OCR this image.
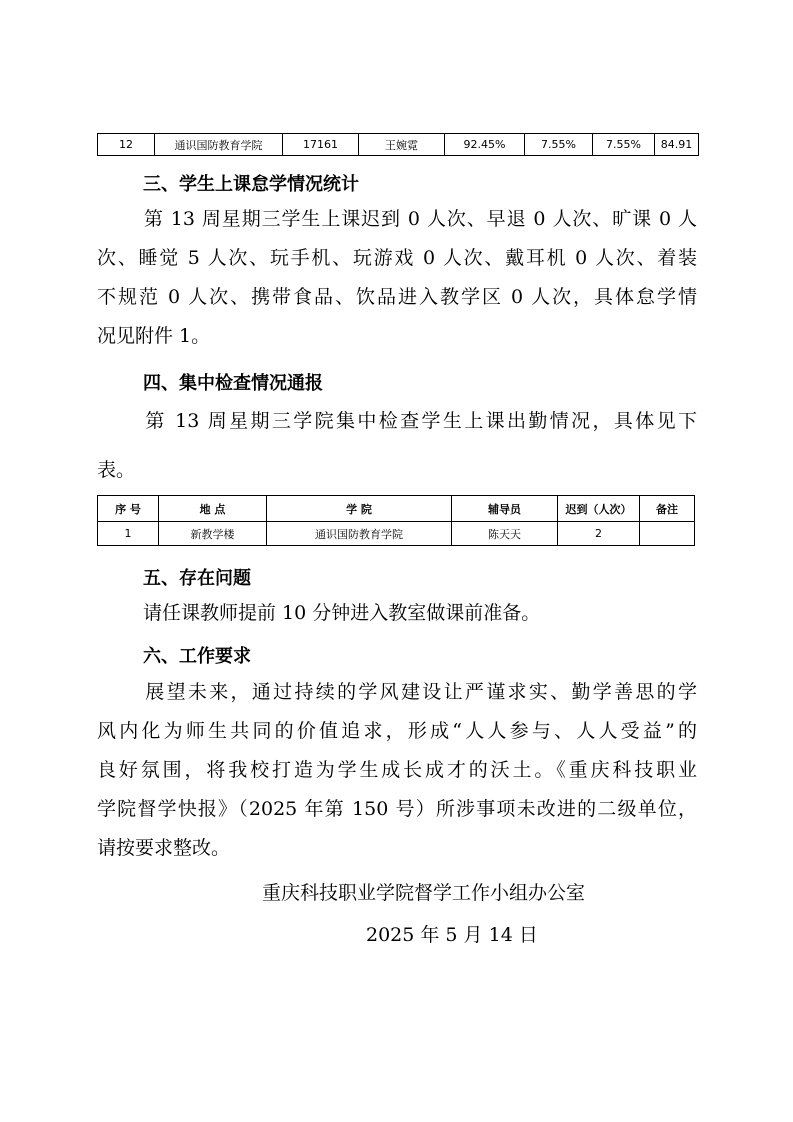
12	通识国防教育学院	17161	王婉霓	92.45%	7.55%	7.55%	84.91
三、学生上课怠学情况统计
第 13 周星期三学生上课迟到 0 人次、早退 0 人次、旷课 0 人
次、睡觉 5 人次、玩手机、玩游戏 0 人次、戴耳机 0 人次、着装
不规范 0 人次、携带食品、饮品进入教学区 0 人次，具体怠学情
况见附件 1。
四、集中检查情况通报
第 13 周星期三学院集中检查学生上课出勤情况，具体见下
表。
序 号	地 点	学 院	辅导员	迟到（人次）	备注
1	新教学楼	通识国防教育学院	陈天天	2	
五、存在问题
请任课教师提前 10 分钟进入教室做课前准备。
六、工作要求
展望未来，通过持续的学风建设让严谨求实、勤学善思的学
风内化为师生共同的价值追求，形成“人人参与、人人受益”的
良好氛围，将我校打造为学生成长成才的沃土。《重庆科技职业
学院督学快报》（2025 年第 150 号）所涉事项未改进的二级单位，
请按要求整改。
重庆科技职业学院督学工作小组办公室
2025 年 5 月 14 日
